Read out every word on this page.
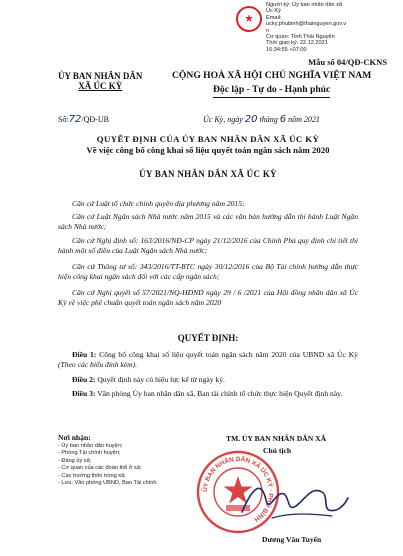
Người ký: Ủy ban nhân dân xã
Úc Kỳ
Email:
ucky.phubinh@thainguyen.gov.v
n
Cơ quan: Tỉnh Thái Nguyên
Thời gian ký: 22.12.2021
16:34:55 +07:00
Mẫu số 04/QĐ-CKNS
ỦY BAN NHÂN DÂN
XÃ ÚC KỲ
CỘNG HOÀ XÃ HỘI CHỦ NGHĨA VIỆT NAM
Độc lập - Tự do - Hạnh phúc
Số:72/QĐ-UB	Úc Kỳ, ngày 20 tháng 6 năm 2021
QUYẾT ĐỊNH CỦA ỦY BAN NHÂN DÂN XÃ ÚC KỲ
Về việc công bố công khai số liệu quyết toán ngân sách năm 2020
ỦY BAN NHÂN DÂN XÃ ÚC KỲ
Căn cứ Luật tổ chức chính quyền địa phương năm 2015;
Căn cứ Luật Ngân sách Nhà nước năm 2015 và các văn bản hướng dẫn thi hành Luật Ngân sách Nhà nước;
Căn cứ Nghị định số: 163/2016/NĐ-CP ngày 21/12/2016 của Chính Phủ quy định chi tiết thi hành một số điều của Luật Ngân sách Nhà nước;
Căn cứ Thông tư số: 343/2016/TT-BTC ngày 30/12/2016 của Bộ Tài chính hướng dẫn thực hiện công khai ngân sách đối với các cấp ngân sách;
Căn cứ Nghị quyết số 57/2021/NQ-HĐND ngày 29 / 6 /2021 của Hội đồng nhân dân xã Úc Kỳ về việc phê chuẩn quyết toán ngân sách năm 2020
QUYẾT ĐỊNH:
Điều 1: Công bố công khai số liệu quyết toán ngân sách năm 2020 của UBND xã Úc Kỳ (Theo các biểu đính kèm).
Điều 2: Quyết định này có hiệu lực kể từ ngày ký.
Điều 3: Văn phòng Ủy ban nhân dân xã, Ban tài chính tổ chức thực hiện Quyết định này.
Nơi nhận:
- Ủy ban nhân dân huyện;
- Phòng Tài chính huyện;
- Đảng ủy xã;
- Cơ quan của các đoàn thể ở xã;
- Các trường thôn trong xã;
- Lưu: Văn phòng UBND, Ban Tài chính.
TM. ỦY BAN NHÂN DÂN XÃ
ỦY BAN NHÂN DÂN XÃ ÚC KỲ · PHÚ BÌNH
Chủ tịch
Dương Văn Tuyến
